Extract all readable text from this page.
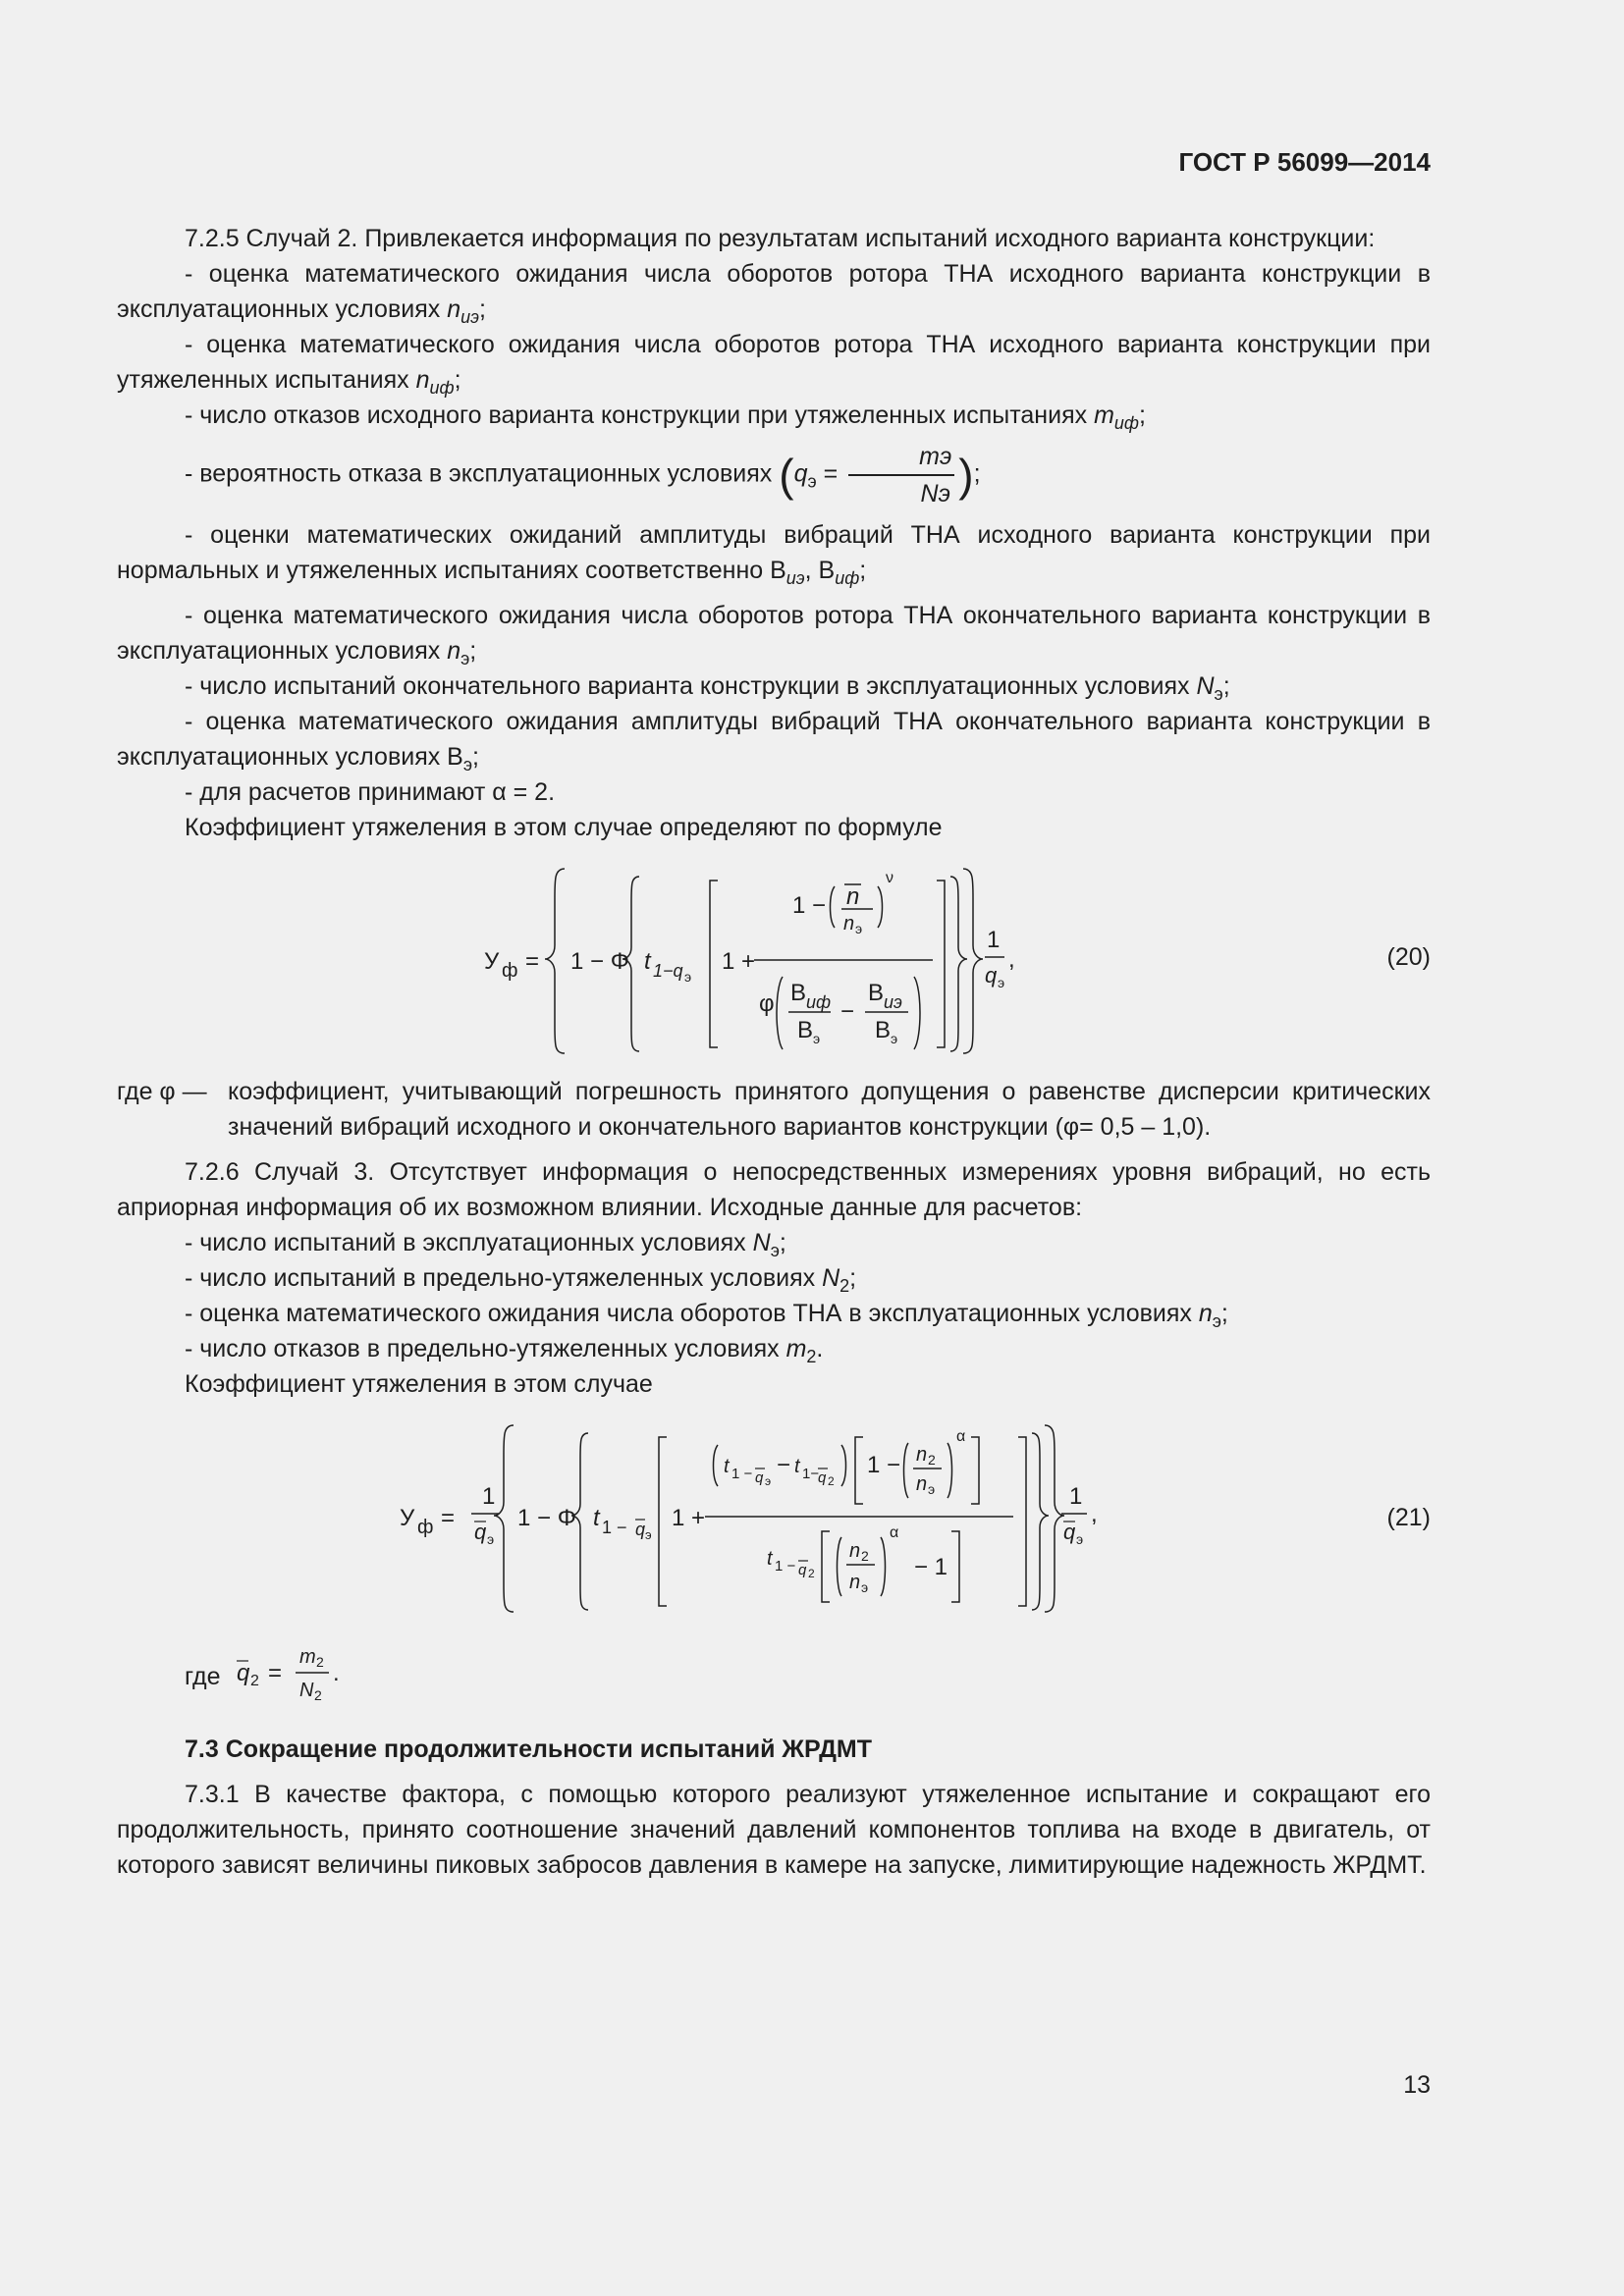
ГОСТ Р 56099—2014

7.2.5 Случай 2. Привлекается информация по результатам испытаний исходного варианта конструкции:

- оценка математического ожидания числа оборотов ротора ТНА исходного варианта конструкции в эксплуатационных условиях $n_{иэ}$;

- оценка математического ожидания числа оборотов ротора ТНА исходного варианта конструкции при утяжеленных испытаниях $n_{иф}$;

- число отказов исходного варианта конструкции при утяжеленных испытаниях $m_{иф}$;

- вероятность отказа в эксплуатационных условиях ($q_э = \frac{mэ}{Nэ}$ );

- оценки математических ожиданий амплитуды вибраций ТНА исходного варианта конструкции при нормальных и утяжеленных испытаниях соответственно $В_{иэ}$, $В_{иф}$;

- оценка математического ожидания числа оборотов ротора ТНА окончательного варианта конструкции в эксплуатационных условиях $n_э$;

- число испытаний окончательного варианта конструкции в эксплуатационных условиях $N_э$;

- оценка математического ожидания амплитуды вибраций ТНА окончательного варианта конструкции в эксплуатационных условиях $В_э$;

- для расчетов принимают α = 2.

Коэффициент утяжеления в этом случае определяют по формуле

У ф = 1 − Φ t 1−q э
1 +
1 − n
n э
ν
φ В иф
В э
−
В иэ
В э
1
q э
,	(20)
где φ — коэффициент, учитывающий погрешность принятого допущения о равенстве дисперсии критических значений вибраций исходного и окончательного вариантов конструкции (φ= 0,5 – 1,0).

7.2.6 Случай 3. Отсутствует информация о непосредственных измерениях уровня вибраций, но есть априорная информация об их возможном влиянии. Исходные данные для расчетов:

- число испытаний в эксплуатационных условиях $N_э$;

- число испытаний в предельно-утяжеленных условиях $N_2$;

- оценка математического ожидания числа оборотов ТНА в эксплуатационных условиях $n_э$;

- число отказов в предельно-утяжеленных условиях $m_2$.

Коэффициент утяжеления в этом случае

У ф =
1
q э
1 − Φ t 1 − q э
1 +
t 1 − q э
− t 1−
q 2
1 − n 2
n э
α
t 1 − q 2
n 2
n э
α
− 1
1
q э
,	(21)
где q 2 =
m 2
N 2
.

7.3 Сокращение продолжительности испытаний ЖРДМТ

7.3.1 В качестве фактора, с помощью которого реализуют утяжеленное испытание и сокращают его продолжительность, принято соотношение значений давлений компонентов топлива на входе в двигатель, от которого зависят величины пиковых забросов давления в камере на запуске, лимитирующие надежность ЖРДМТ.

13
